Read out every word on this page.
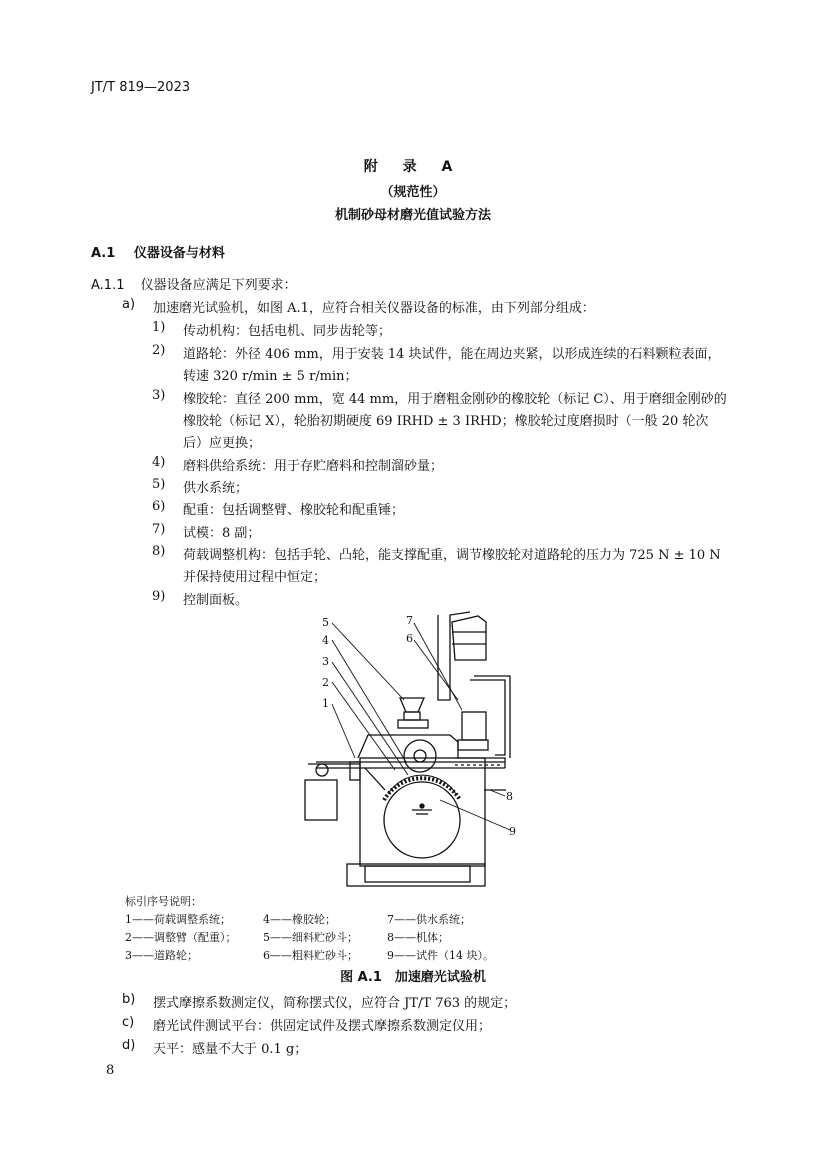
JT/T 819—2023
附 录 A
（规范性）
机制砂母材磨光值试验方法
A.1 仪器设备与材料
A.1.1 仪器设备应满足下列要求：
a) 加速磨光试验机，如图 A.1，应符合相关仪器设备的标准，由下列部分组成：
1) 传动机构：包括电机、同步齿轮等；
2) 道路轮：外径 406 mm，用于安装 14 块试件，能在周边夹紧，以形成连续的石料颗粒表面，
转速 320 r/min ± 5 r/min；
3) 橡胶轮：直径 200 mm，宽 44 mm，用于磨粗金刚砂的橡胶轮（标记 C）、用于磨细金刚砂的
橡胶轮（标记 X），轮胎初期硬度 69 IRHD ± 3 IRHD；橡胶轮过度磨损时（一般 20 轮次
后）应更换；
4) 磨料供给系统：用于存贮磨料和控制溜砂量；
5) 供水系统；
6) 配重：包括调整臂、橡胶轮和配重锤；
7) 试模：8 副；
8) 荷载调整机构：包括手轮、凸轮，能支撑配重，调节橡胶轮对道路轮的压力为 725 N ± 10 N
并保持使用过程中恒定；
9) 控制面板。
5
4
3
2
1
7
6
8
9
标引序号说明：
1——荷载调整系统；	4——橡胶轮；	7——供水系统；
2——调整臂（配重）； 5——细料贮砂斗；	8——机体；
3——道路轮；	6——粗料贮砂斗；	9——试件（14 块）。
图 A.1　加速磨光试验机
b) 摆式摩擦系数测定仪，简称摆式仪，应符合 JT/T 763 的规定；
c) 磨光试件测试平台：供固定试件及摆式摩擦系数测定仪用；
d) 天平：感量不大于 0.1 g；
8
